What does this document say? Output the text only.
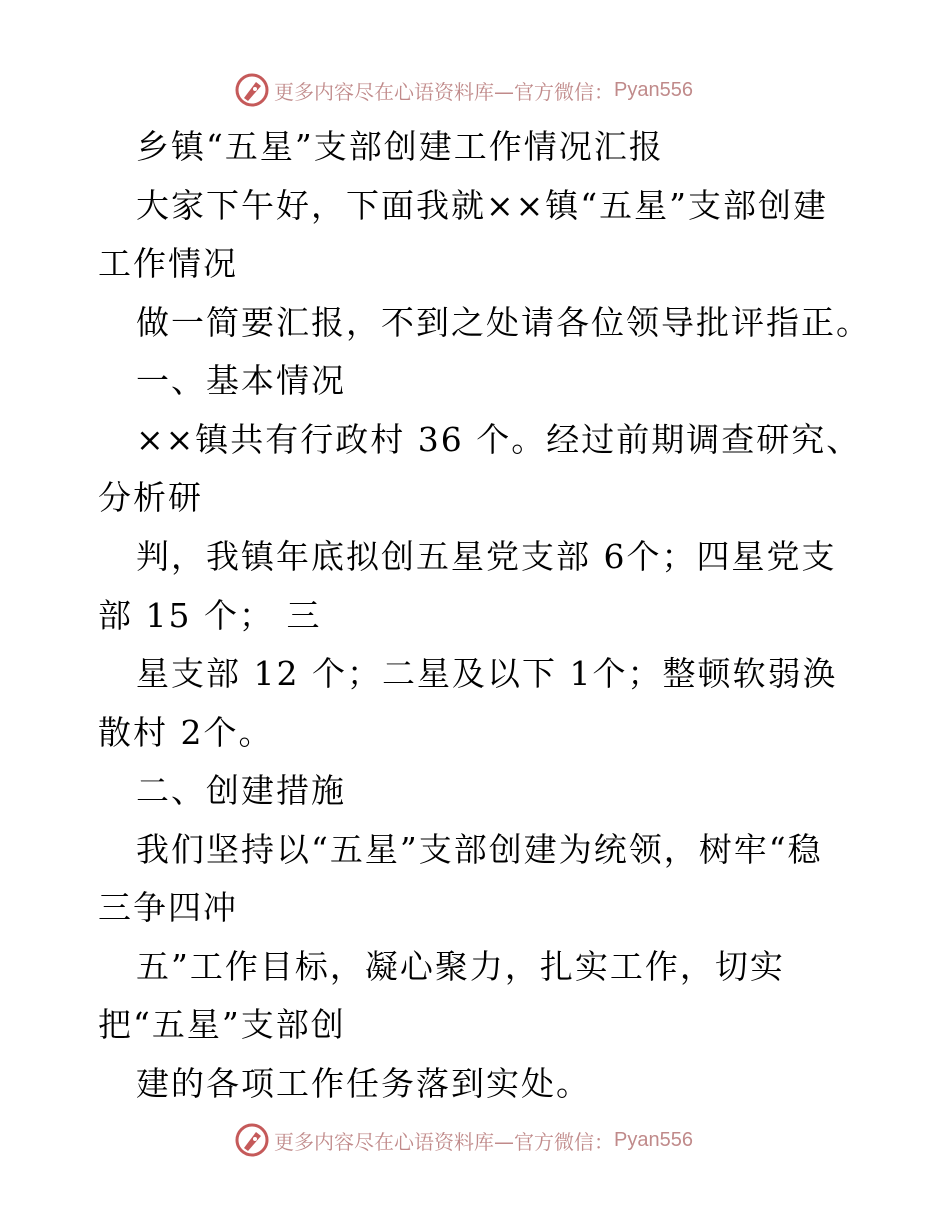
更多内容尽在心语资料库—官方微信： Pyan556
乡镇“五星”支部创建工作情况汇报
大家下午好，下面我就××镇“五星”支部创建
工作情况
做一简要汇报，不到之处请各位领导批评指正。
一、基本情况
××镇共有行政村 36 个。经过前期调查研究、
分析研
判，我镇年底拟创五星党支部 6个；四星党支
部 15 个； 三
星支部 12 个；二星及以下 1个；整顿软弱涣
散村 2个。
二、创建措施
我们坚持以“五星”支部创建为统领，树牢“稳
三争四冲
五”工作目标，凝心聚力，扎实工作，切实
把“五星”支部创
建的各项工作任务落到实处。
更多内容尽在心语资料库—官方微信： Pyan556
